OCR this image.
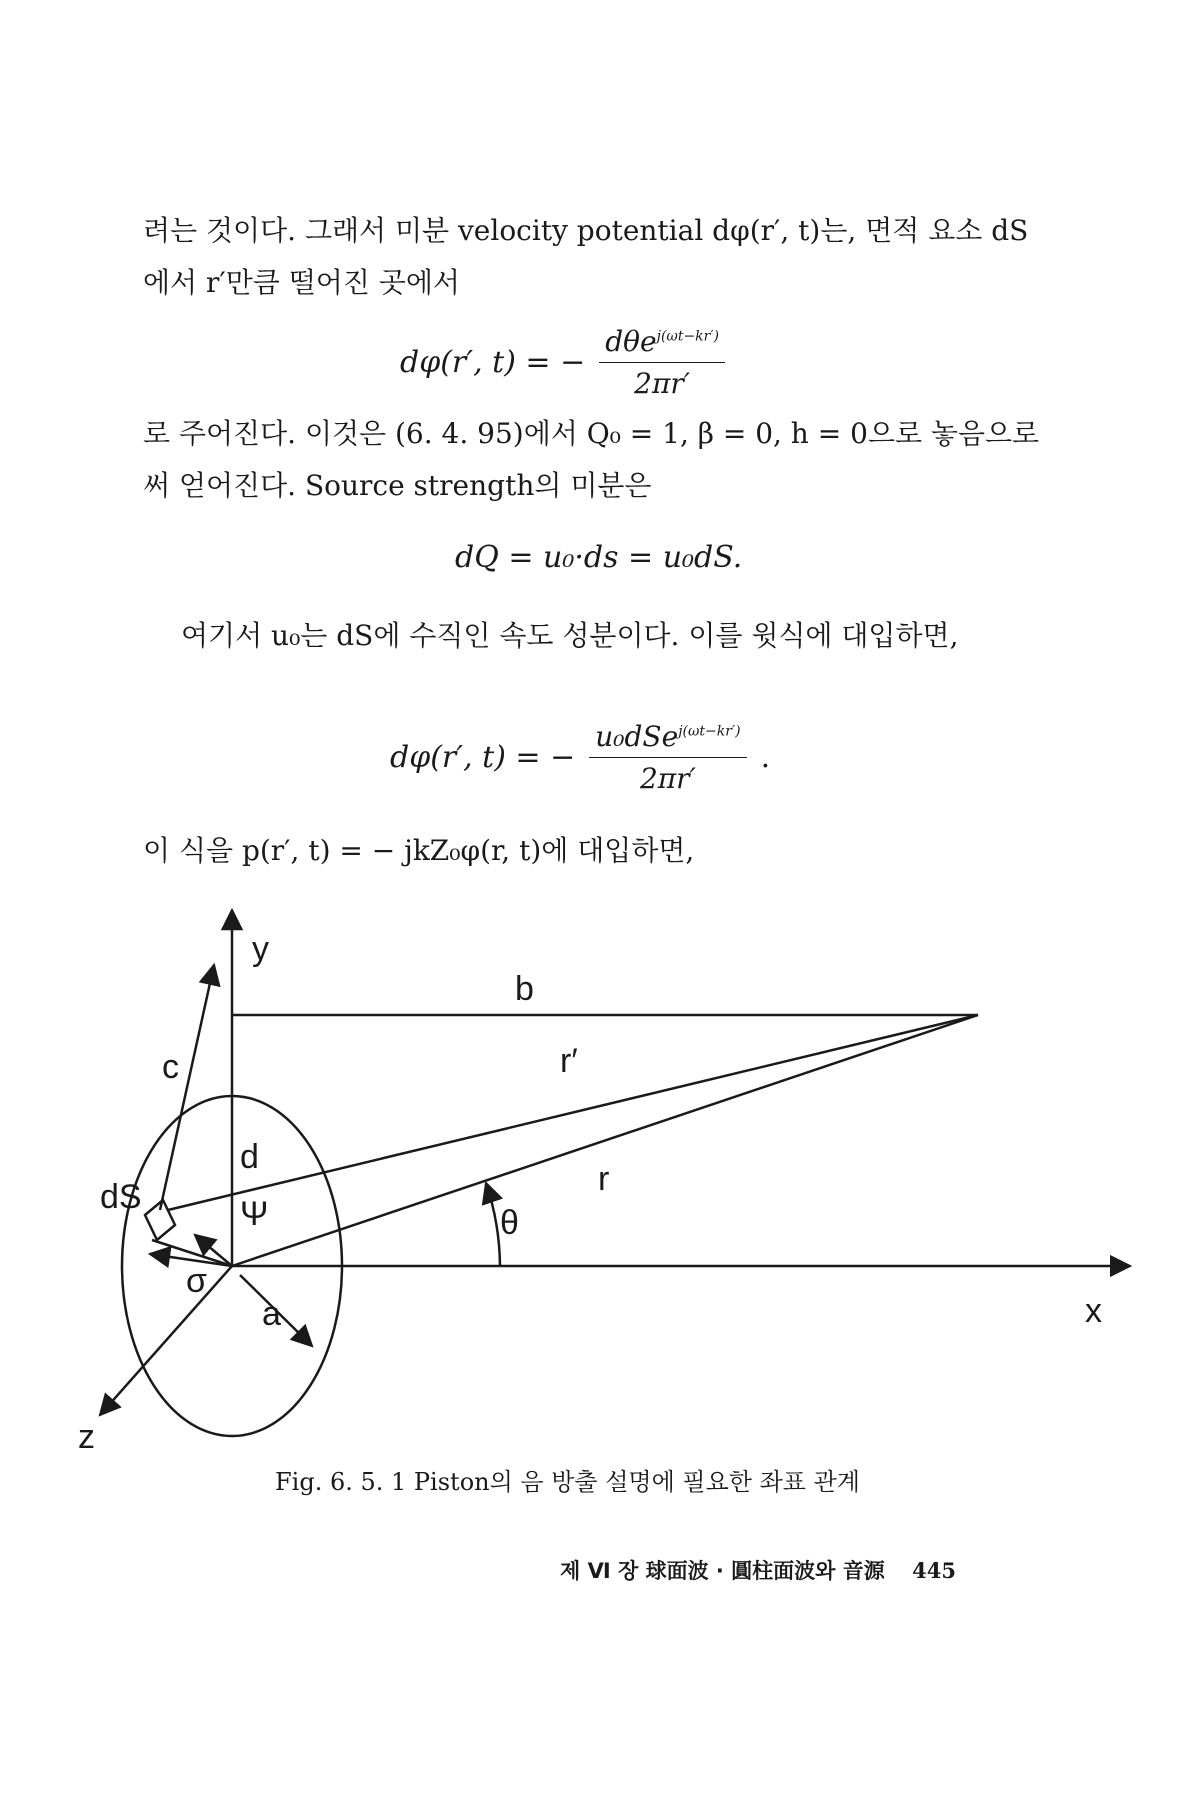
려는 것이다. 그래서 미분 velocity potential dφ(r′, t)는, 면적 요소 dS에서 r′만큼 떨어진 곳에서
dφ(r′, t) = − $\frac{d\theta e^{j(\omega t-kr')}}{2\pi r'}$
로 주어진다. 이것은 (6. 4. 95)에서 Q₀ = 1, β = 0, h = 0으로 놓음으로써 얻어진다. Source strength의 미분은
dQ = u₀·ds = u₀dS.
여기서 u₀는 dS에 수직인 속도 성분이다. 이를 윗식에 대입하면,
dφ(r′, t) = − $\frac{u_0dSe^{j(\omega t-kr')}}{2\pi r'}$ .
이 식을 p(r′, t) = − jkZ₀φ(r, t)에 대입하면,
y
x
z
b
c
d
dS	Ψ
σ
a
r′
r
θ
Fig. 6. 5. 1 Piston의 음 방출 설명에 필요한 좌표 관계
제 Ⅵ 장 球面波 · 圓柱面波와 音源 445
